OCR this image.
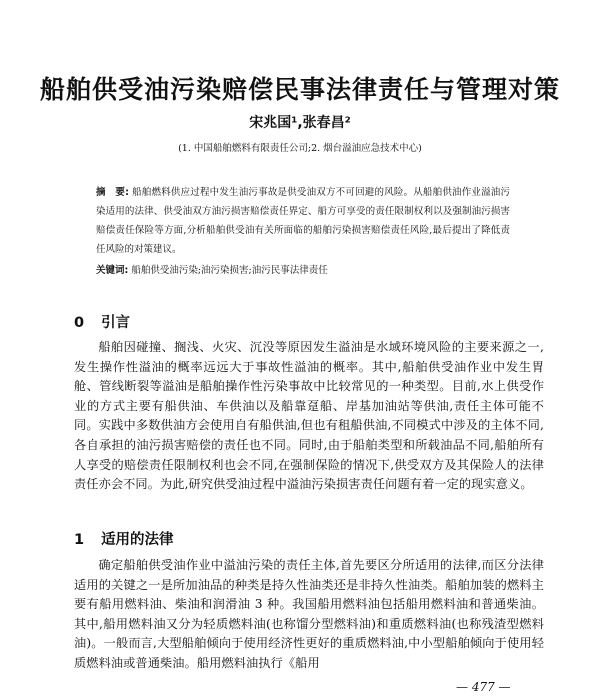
船舶供受油污染赔偿民事法律责任与管理对策
宋兆国¹,张春昌²
(1. 中国船舶燃料有限责任公司;2. 烟台溢油应急技术中心)
摘　要: 船舶燃料供应过程中发生油污事故是供受油双方不可回避的风险。从船舶供油作业溢油污染适用的法律、供受油双方油污损害赔偿责任界定、船方可享受的责任限制权利以及强制油污损害赔偿责任保险等方面,分析船舶供受油有关所面临的船舶污染损害赔偿责任风险,最后提出了降低责任风险的对策建议。
关键词: 船舶供受油污染;油污染损害;油污民事法律责任
0 引言
船舶因碰撞、搁浅、火灾、沉没等原因发生溢油是水域环境风险的主要来源之一,发生操作性溢油的概率远远大于事故性溢油的概率。其中,船舶供受油作业中发生胃舱、管线断裂等溢油是船舶操作性污染事故中比较常见的一种类型。目前,水上供受作业的方式主要有船供油、车供油以及船靠趸船、岸基加油站等供油,责任主体可能不同。实践中多数供油方会使用自有船供油,但也有租船供油,不同模式中涉及的主体不同,各自承担的油污损害赔偿的责任也不同。同时,由于船舶类型和所载油品不同,船舶所有人享受的赔偿责任限制权利也会不同,在强制保险的情况下,供受双方及其保险人的法律责任亦会不同。为此,研究供受油过程中溢油污染损害责任问题有着一定的现实意义。
1 适用的法律
确定船舶供受油作业中溢油污染的责任主体,首先要区分所适用的法律,而区分法律适用的关键之一是所加油品的种类是持久性油类还是非持久性油类。船舶加装的燃料主要有船用燃料油、柴油和润滑油 3 种。我国船用燃料油包括船用燃料油和普通柴油。其中,船用燃料油又分为轻质燃料油(也称馏分型燃料油)和重质燃料油(也称残渣型燃料油)。一般而言,大型船舶倾向于使用经济性更好的重质燃料油,中小型船舶倾向于使用轻质燃料油或普通柴油。船用燃料油执行《船用
— 477 —
